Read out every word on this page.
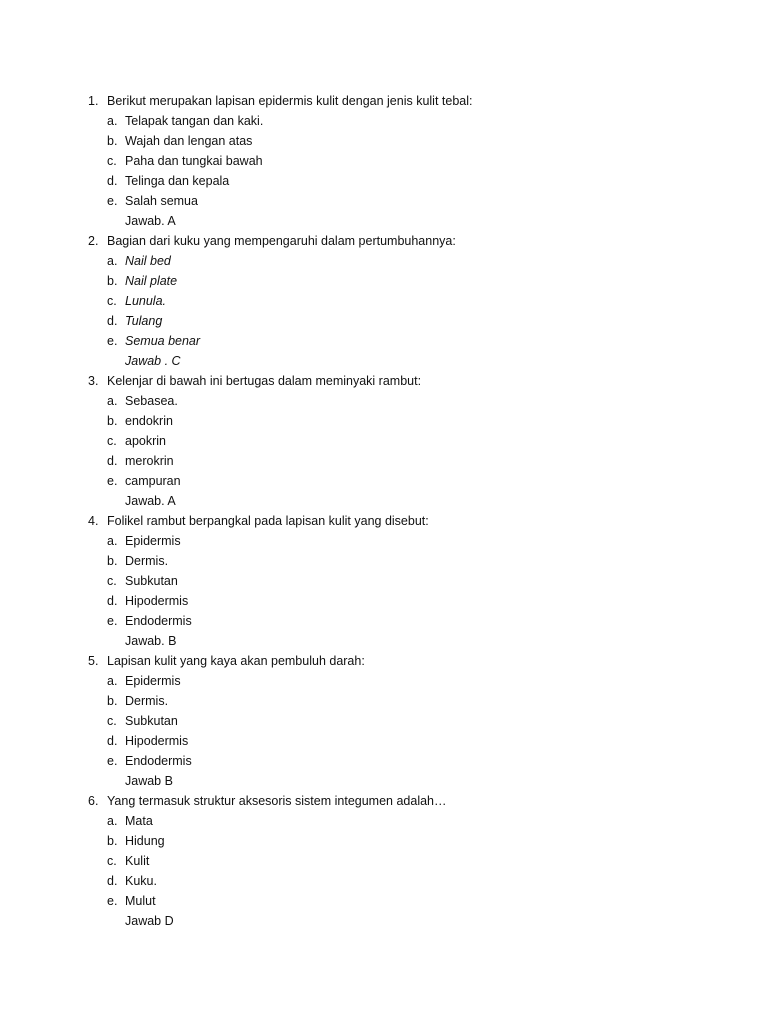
1. Berikut merupakan lapisan epidermis kulit dengan jenis kulit tebal:
a. Telapak tangan dan kaki.
b. Wajah dan lengan atas
c. Paha dan tungkai bawah
d. Telinga dan kepala
e. Salah semua
Jawab. A
2. Bagian dari kuku yang mempengaruhi dalam pertumbuhannya:
a. Nail bed
b. Nail plate
c. Lunula.
d. Tulang
e. Semua benar
Jawab . C
3. Kelenjar di bawah ini bertugas dalam meminyaki rambut:
a. Sebasea.
b. endokrin
c. apokrin
d. merokrin
e. campuran
Jawab. A
4. Folikel rambut berpangkal pada lapisan kulit yang disebut:
a. Epidermis
b. Dermis.
c. Subkutan
d. Hipodermis
e. Endodermis
Jawab. B
5. Lapisan kulit yang kaya akan pembuluh darah:
a. Epidermis
b. Dermis.
c. Subkutan
d. Hipodermis
e. Endodermis
Jawab B
6. Yang termasuk struktur aksesoris sistem integumen adalah…
a. Mata
b. Hidung
c. Kulit
d. Kuku.
e. Mulut
Jawab D
